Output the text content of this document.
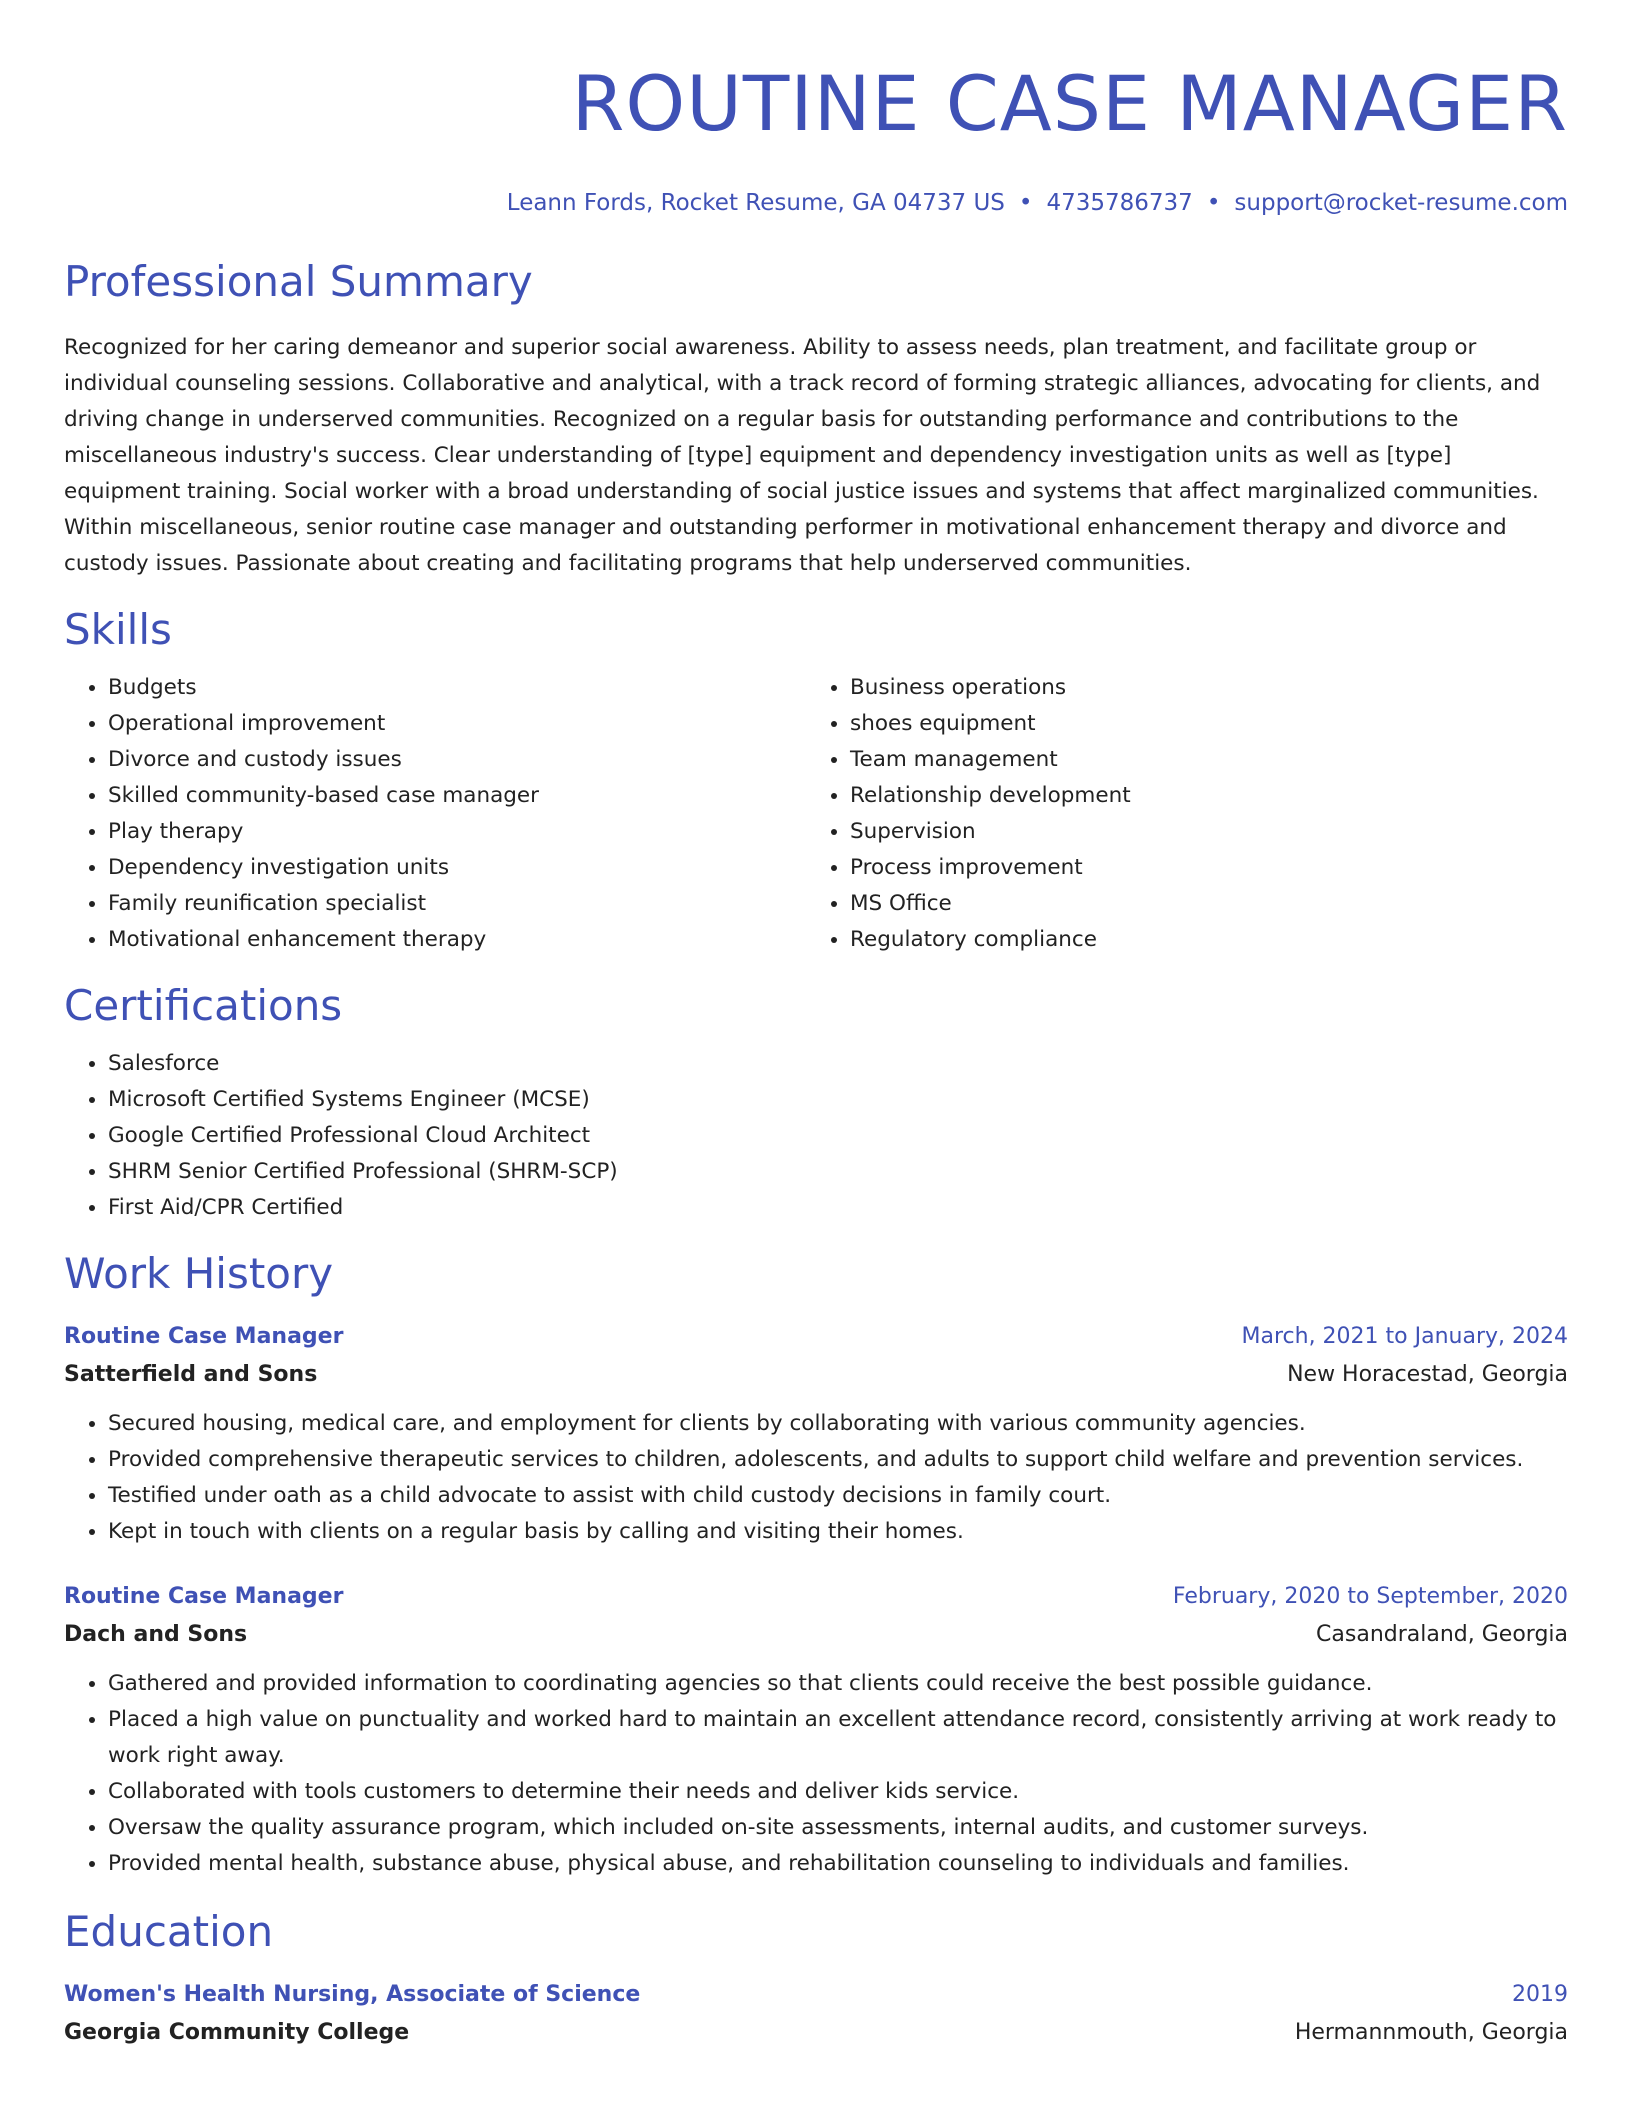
ROUTINE CASE MANAGER
Leann Fords, Rocket Resume, GA 04737 US • 4735786737 • support@rocket-resume.com
Professional Summary

Recognized for her caring demeanor and superior social awareness. Ability to assess needs, plan treatment, and facilitate group or individual counseling sessions. Collaborative and analytical, with a track record of forming strategic alliances, advocating for clients, and driving change in underserved communities. Recognized on a regular basis for outstanding performance and contributions to the miscellaneous industry's success. Clear understanding of [type] equipment and dependency investigation units as well as [type] equipment training. Social worker with a broad understanding of social justice issues and systems that affect marginalized communities. Within miscellaneous, senior routine case manager and outstanding performer in motivational enhancement therapy and divorce and custody issues. Passionate about creating and facilitating programs that help underserved communities.

Skills
• Budgets
• Operational improvement
• Divorce and custody issues
• Skilled community-based case manager
• Play therapy
• Dependency investigation units
• Family reunification specialist
• Motivational enhancement therapy
• Business operations
• shoes equipment
• Team management
• Relationship development
• Supervision
• Process improvement
• MS Office
• Regulatory compliance
Certifications
• Salesforce
• Microsoft Certified Systems Engineer (MCSE)
• Google Certified Professional Cloud Architect
• SHRM Senior Certified Professional (SHRM-SCP)
• First Aid/CPR Certified
Work History
Routine Case Manager	March, 2021 to January, 2024
Satterfield and Sons	New Horacestad, Georgia
• Secured housing, medical care, and employment for clients by collaborating with various community agencies.
• Provided comprehensive therapeutic services to children, adolescents, and adults to support child welfare and prevention services.
• Testified under oath as a child advocate to assist with child custody decisions in family court.
• Kept in touch with clients on a regular basis by calling and visiting their homes.
Routine Case Manager	February, 2020 to September, 2020
Dach and Sons	Casandraland, Georgia
• Gathered and provided information to coordinating agencies so that clients could receive the best possible guidance.
• Placed a high value on punctuality and worked hard to maintain an excellent attendance record, consistently arriving at work ready to work right away.
• Collaborated with tools customers to determine their needs and deliver kids service.
• Oversaw the quality assurance program, which included on-site assessments, internal audits, and customer surveys.
• Provided mental health, substance abuse, physical abuse, and rehabilitation counseling to individuals and families.
Education
Women's Health Nursing, Associate of Science	2019
Georgia Community College	Hermannmouth, Georgia
